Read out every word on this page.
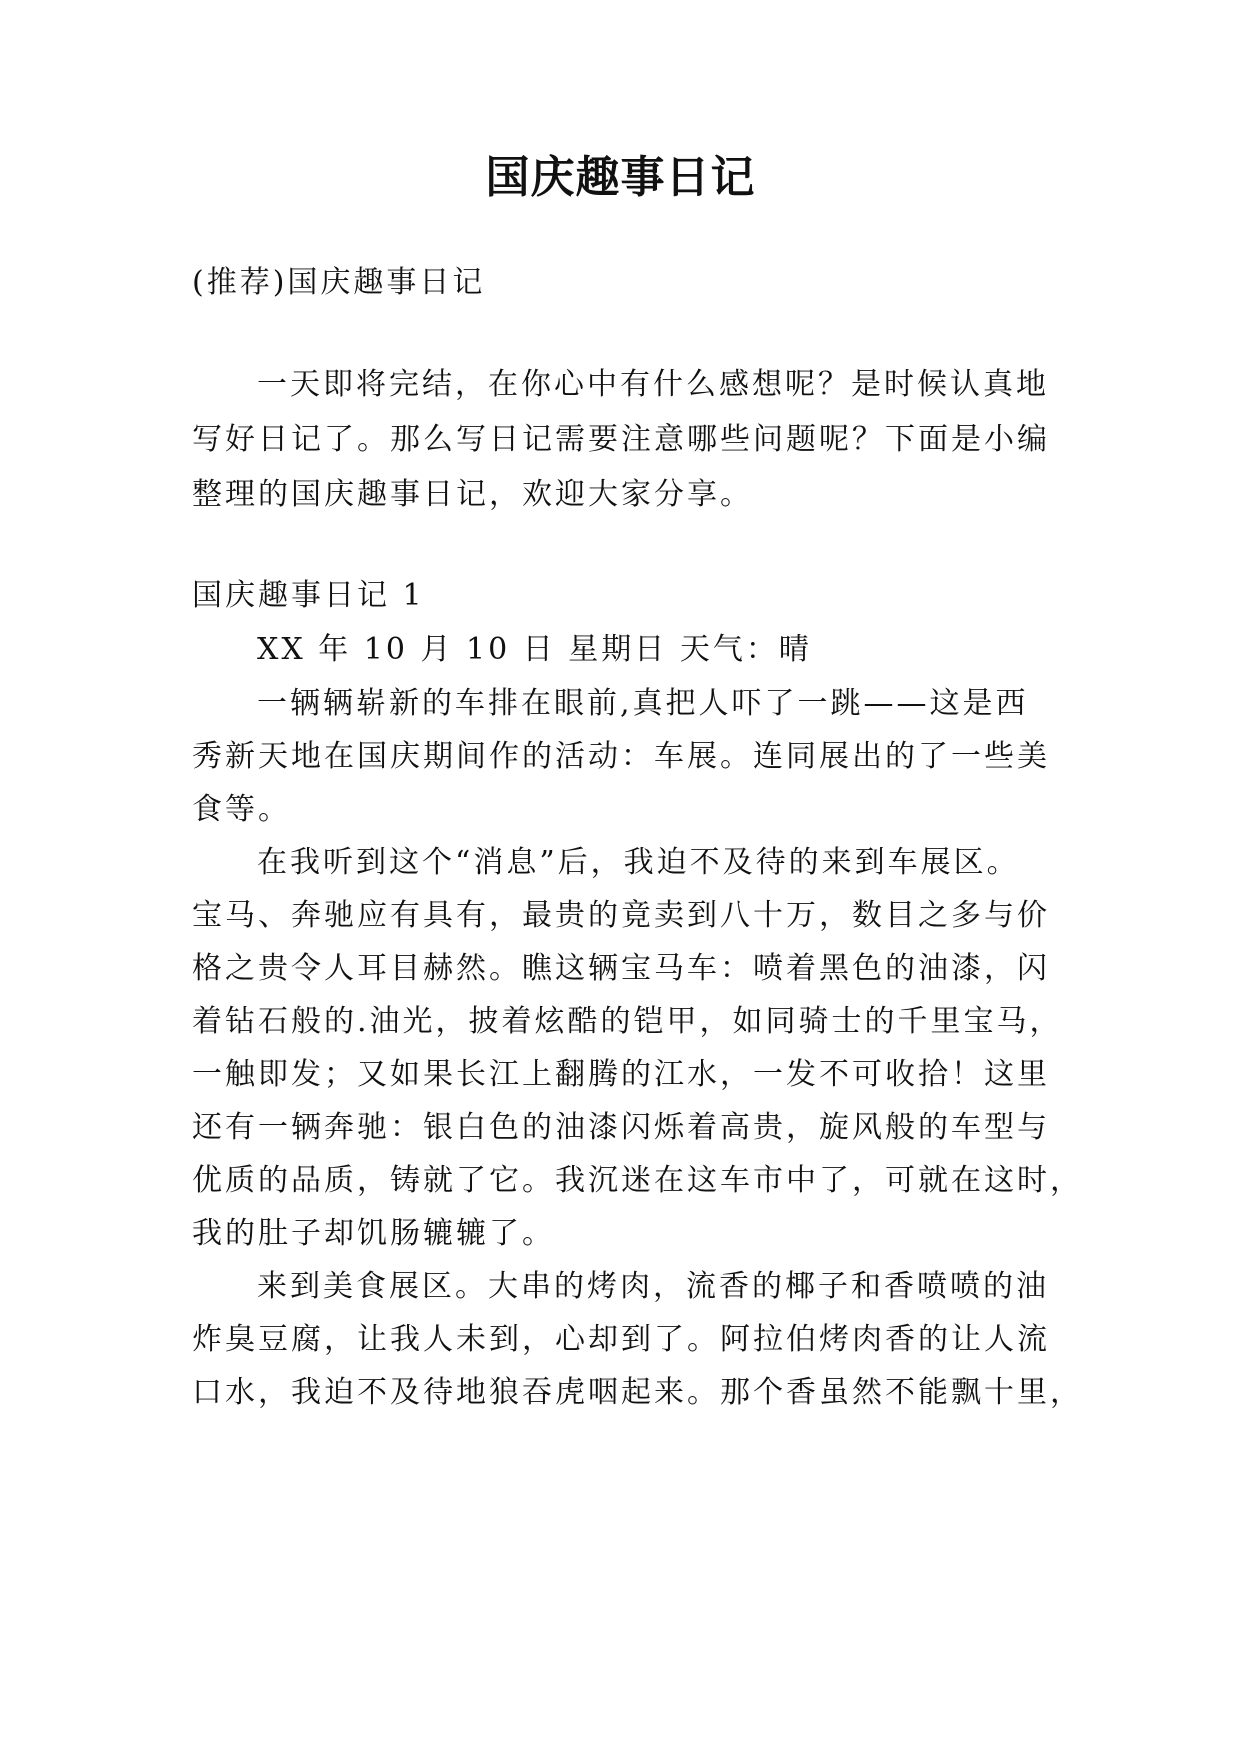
国庆趣事日记
(推荐)国庆趣事日记
一天即将完结，在你心中有什么感想呢？是时候认真地
写好日记了。那么写日记需要注意哪些问题呢？下面是小编
整理的国庆趣事日记，欢迎大家分享。
国庆趣事日记 1
XX 年 10 月 10 日 星期日 天气：晴
一辆辆崭新的车排在眼前,真把人吓了一跳——这是西
秀新天地在国庆期间作的活动：车展。连同展出的了一些美
食等。
在我听到这个“消息”后，我迫不及待的来到车展区。
宝马、奔驰应有具有，最贵的竟卖到八十万，数目之多与价
格之贵令人耳目赫然。瞧这辆宝马车：喷着黑色的油漆，闪
着钻石般的.油光，披着炫酷的铠甲，如同骑士的千里宝马，
一触即发；又如果长江上翻腾的江水，一发不可收拾！这里
还有一辆奔驰：银白色的油漆闪烁着高贵，旋风般的车型与
优质的品质，铸就了它。我沉迷在这车市中了，可就在这时，
我的肚子却饥肠辘辘了。
来到美食展区。大串的烤肉，流香的椰子和香喷喷的油
炸臭豆腐，让我人未到，心却到了。阿拉伯烤肉香的让人流
口水，我迫不及待地狼吞虎咽起来。那个香虽然不能飘十里，
